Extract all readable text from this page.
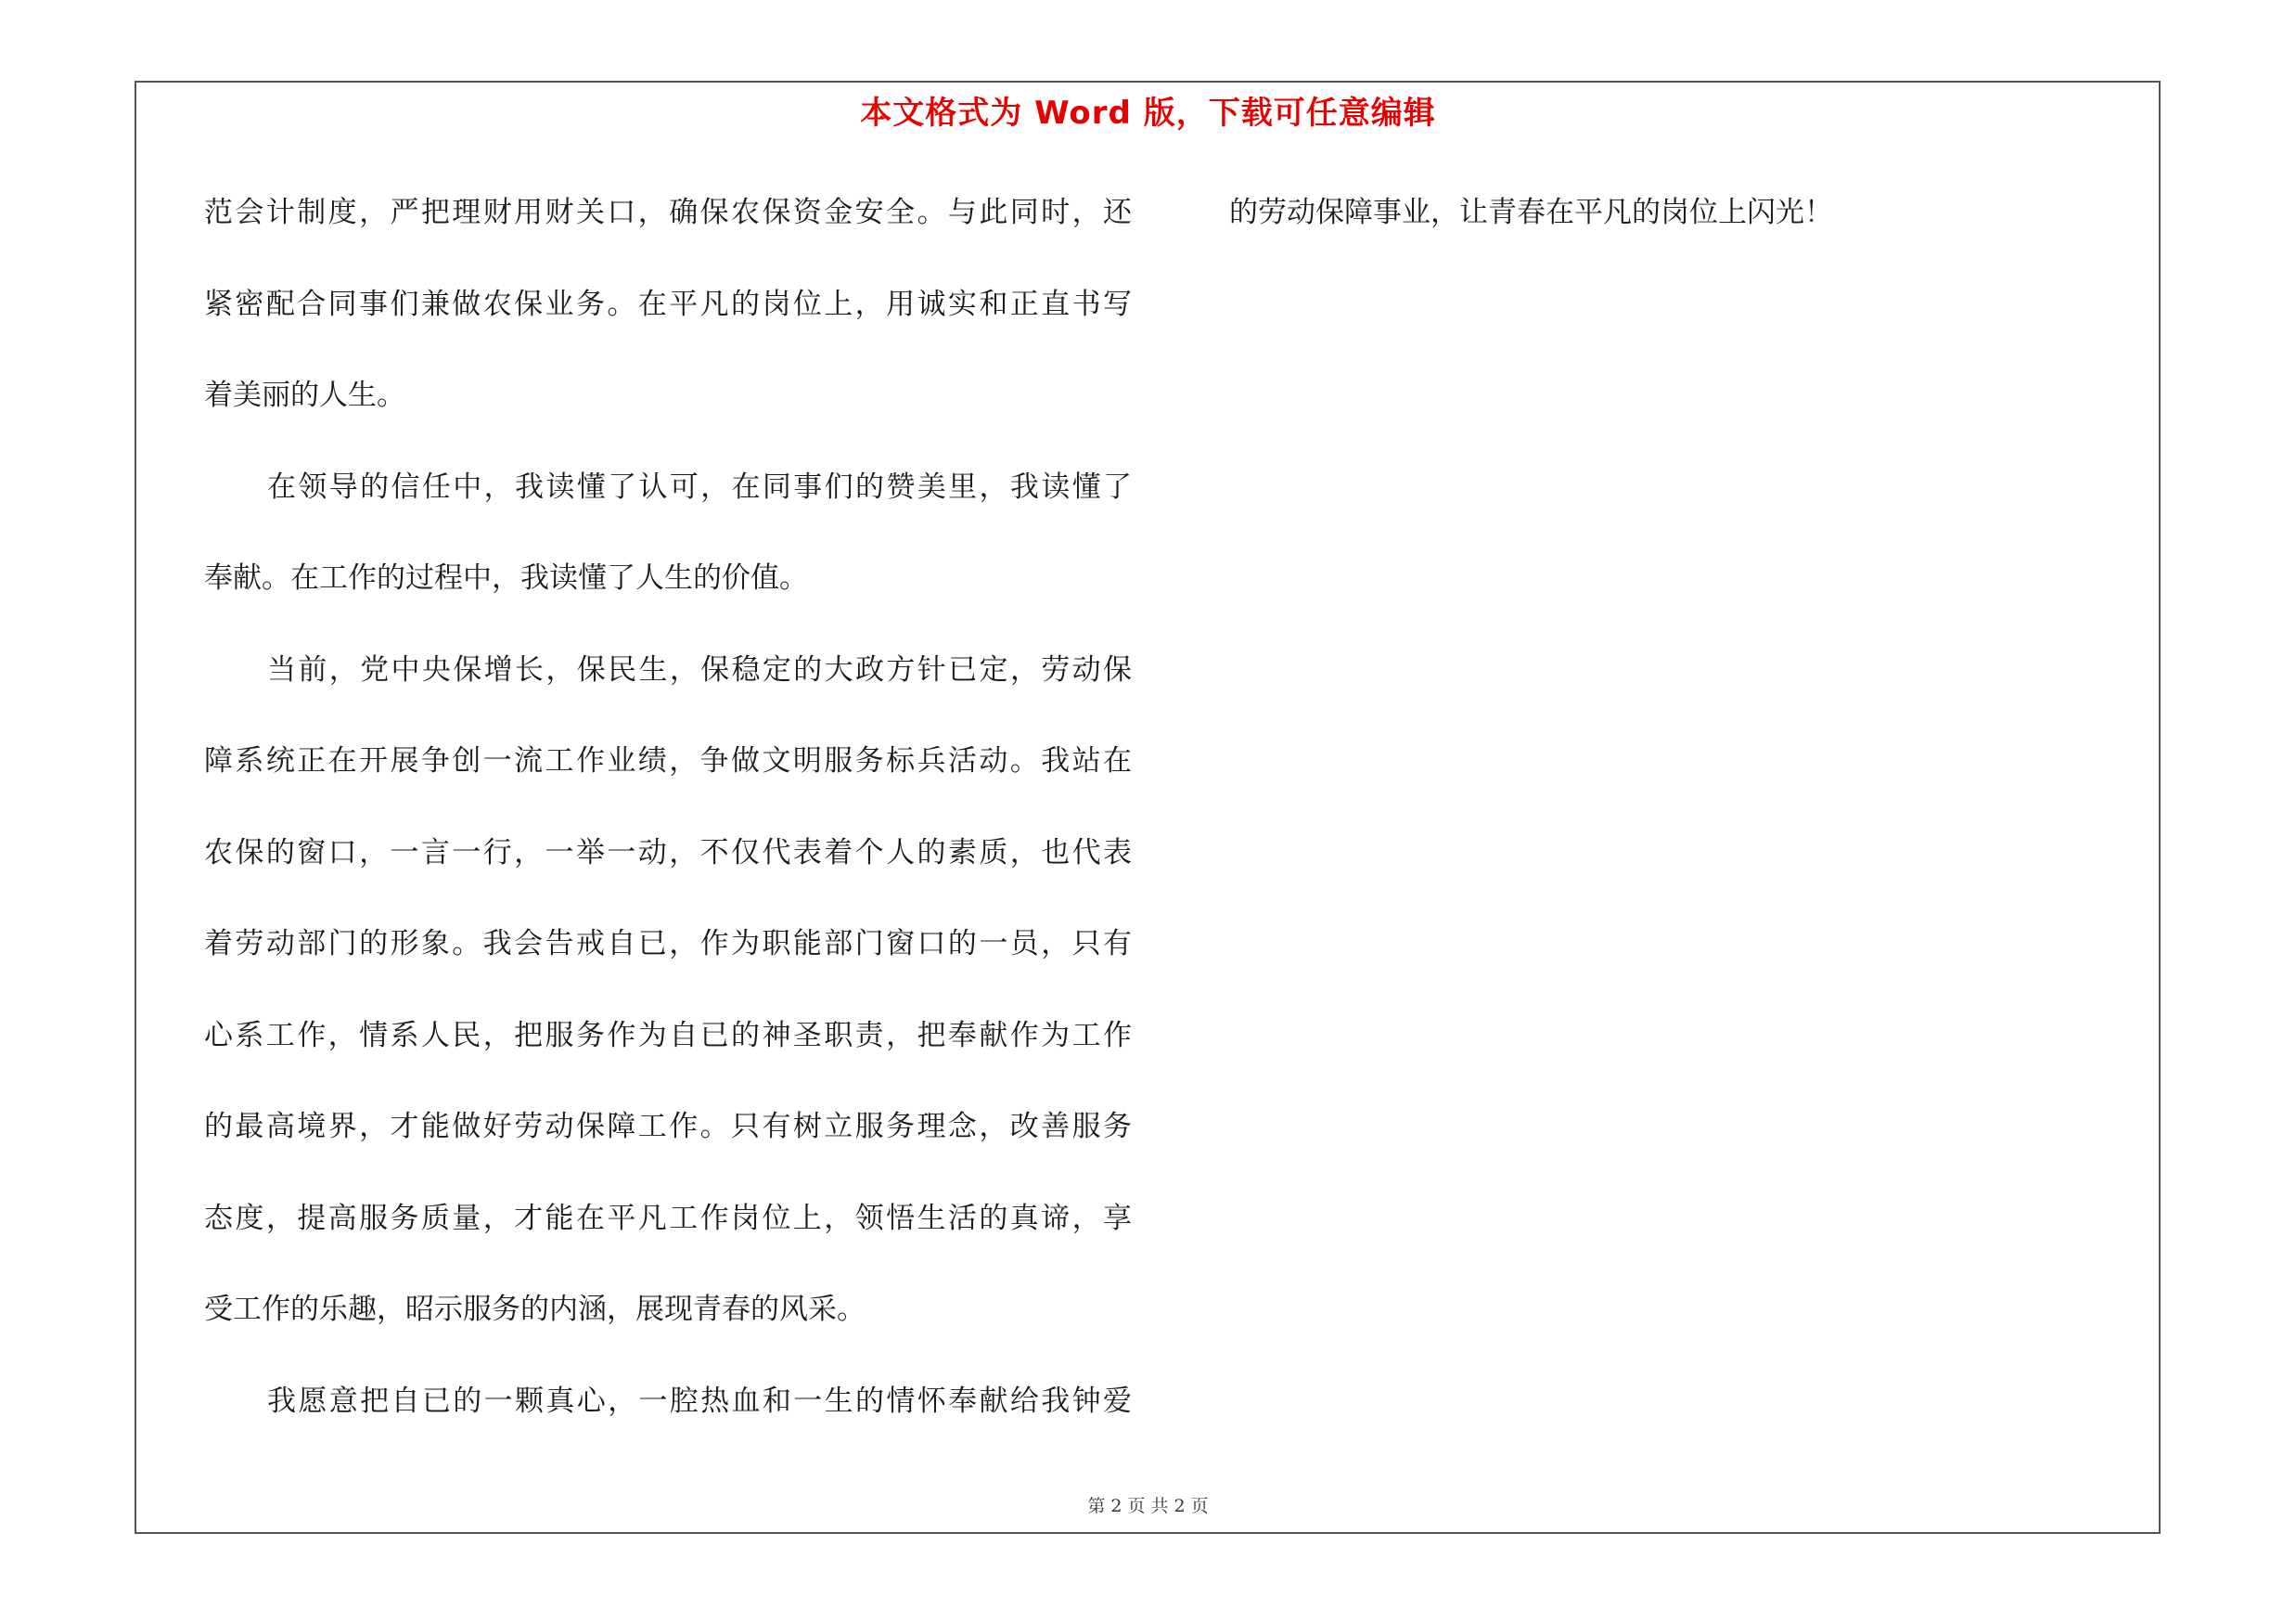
本文格式为 Word 版，下载可任意编辑
范会计制度，严把理财用财关口，确保农保资金安全。与此同时，还
紧密配合同事们兼做农保业务。在平凡的岗位上，用诚实和正直书写
着美丽的人生。
在领导的信任中，我读懂了认可，在同事们的赞美里，我读懂了
奉献。在工作的过程中，我读懂了人生的价值。
当前，党中央保增长，保民生，保稳定的大政方针已定，劳动保
障系统正在开展争创一流工作业绩，争做文明服务标兵活动。我站在
农保的窗口，一言一行，一举一动，不仅代表着个人的素质，也代表
着劳动部门的形象。我会告戒自已，作为职能部门窗口的一员，只有
心系工作，情系人民，把服务作为自已的神圣职责，把奉献作为工作
的最高境界，才能做好劳动保障工作。只有树立服务理念，改善服务
态度，提高服务质量，才能在平凡工作岗位上，领悟生活的真谛，享
受工作的乐趣，昭示服务的内涵，展现青春的风采。
我愿意把自已的一颗真心，一腔热血和一生的情怀奉献给我钟爱
的劳动保障事业，让青春在平凡的岗位上闪光！
第 2 页 共 2 页
